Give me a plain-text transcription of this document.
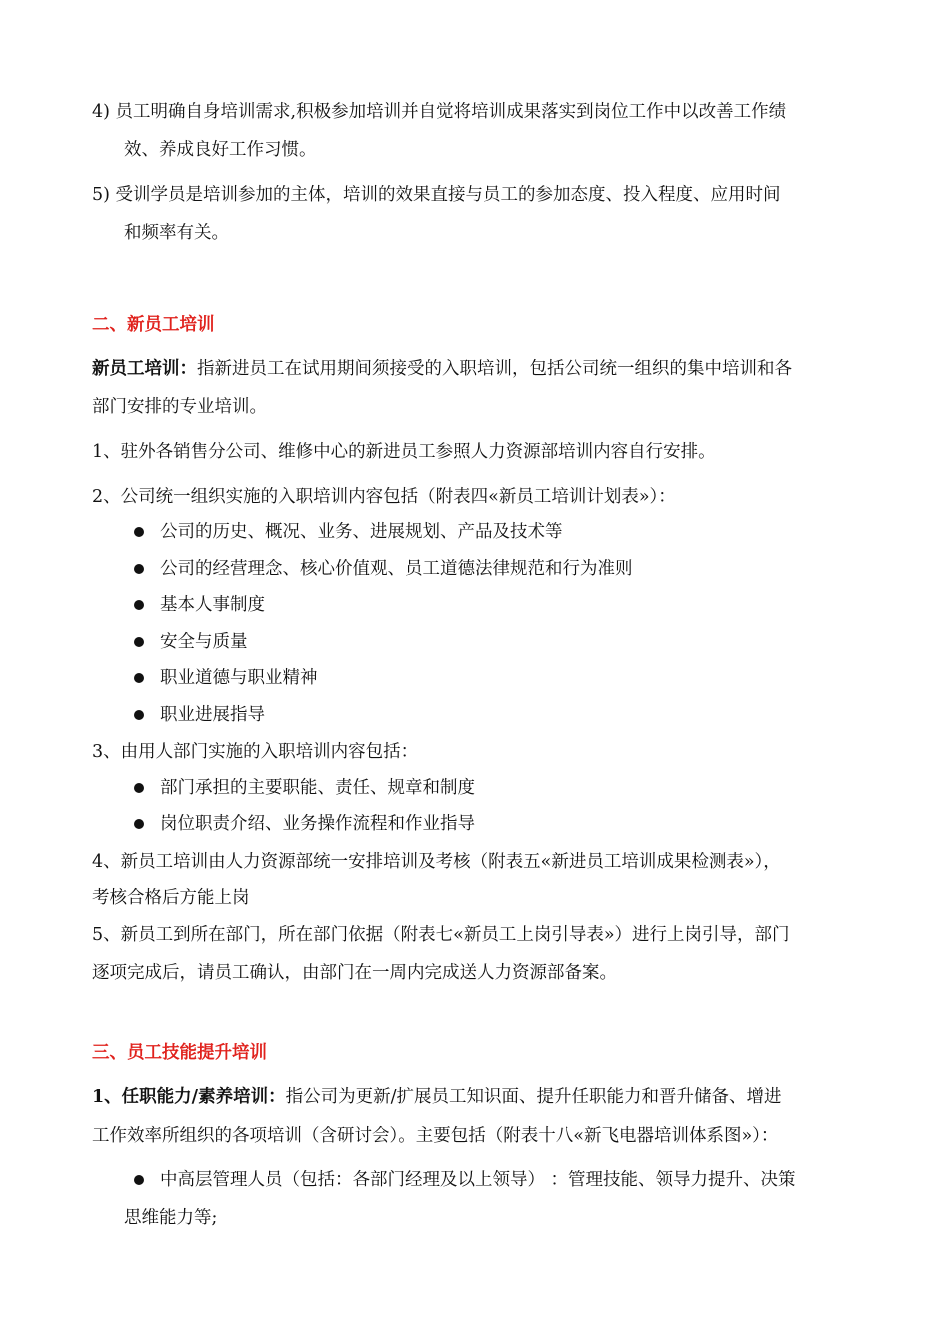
4) 员工明确自身培训需求,积极参加培训并自觉将培训成果落实到岗位工作中以改善工作绩
效、养成良好工作习惯。
5) 受训学员是培训参加的主体，培训的效果直接与员工的参加态度、投入程度、应用时间
和频率有关。
二、新员工培训
新员工培训：指新进员工在试用期间须接受的入职培训，包括公司统一组织的集中培训和各
部门安排的专业培训。
1、驻外各销售分公司、维修中心的新进员工参照人力资源部培训内容自行安排。
2、公司统一组织实施的入职培训内容包括（附表四«新员工培训计划表»）：
公司的历史、概况、业务、进展规划、产品及技术等
公司的经营理念、核心价值观、员工道德法律规范和行为准则
基本人事制度
安全与质量
职业道德与职业精神
职业进展指导
3、由用人部门实施的入职培训内容包括：
部门承担的主要职能、责任、规章和制度
岗位职责介绍、业务操作流程和作业指导
4、新员工培训由人力资源部统一安排培训及考核（附表五«新进员工培训成果检测表»），
考核合格后方能上岗
5、新员工到所在部门，所在部门依据（附表七«新员工上岗引导表»）进行上岗引导，部门
逐项完成后，请员工确认，由部门在一周内完成送人力资源部备案。
三、员工技能提升培训
1、任职能力/素养培训：指公司为更新/扩展员工知识面、提升任职能力和晋升储备、增进
工作效率所组织的各项培训（含研讨会）。主要包括（附表十八«新飞电器培训体系图»）：
中高层管理人员（包括：各部门经理及以上领导） ：管理技能、领导力提升、决策
思维能力等;
